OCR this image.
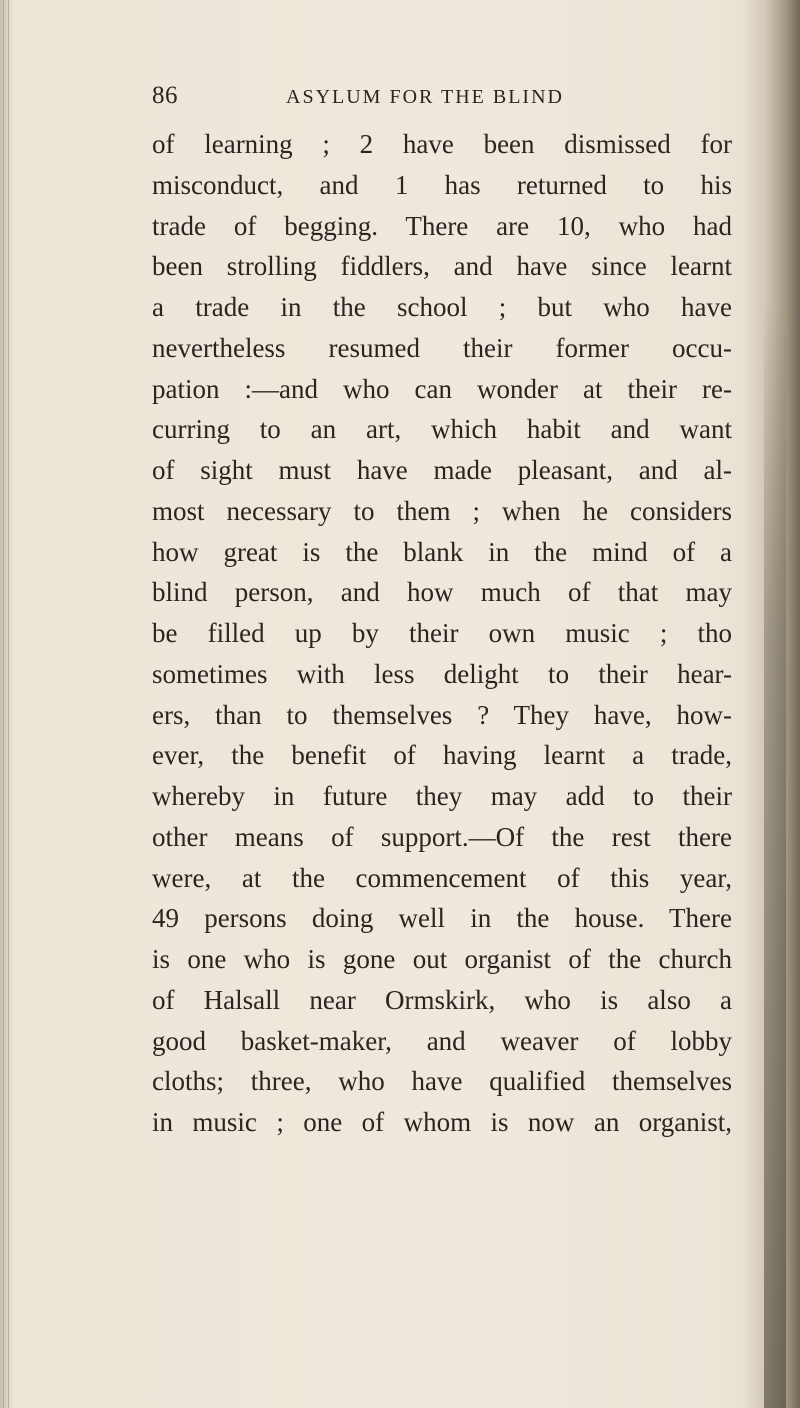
86	ASYLUM FOR THE BLIND
of learning ; 2 have been dismissed for
misconduct, and 1 has returned to his
trade of begging. There are 10, who had
been strolling fiddlers, and have since learnt
a trade in the school ; but who have
nevertheless resumed their former occu-
pation :—and who can wonder at their re-
curring to an art, which habit and want
of sight must have made pleasant, and al-
most necessary to them ; when he considers
how great is the blank in the mind of a
blind person, and how much of that may
be filled up by their own music ; tho
sometimes with less delight to their hear-
ers, than to themselves ? They have, how-
ever, the benefit of having learnt a trade,
whereby in future they may add to their
other means of support.—Of the rest there
were, at the commencement of this year,
49 persons doing well in the house. There
is one who is gone out organist of the church
of Halsall near Ormskirk, who is also a
good basket-maker, and weaver of lobby
cloths; three, who have qualified themselves
in music ; one of whom is now an organist,
